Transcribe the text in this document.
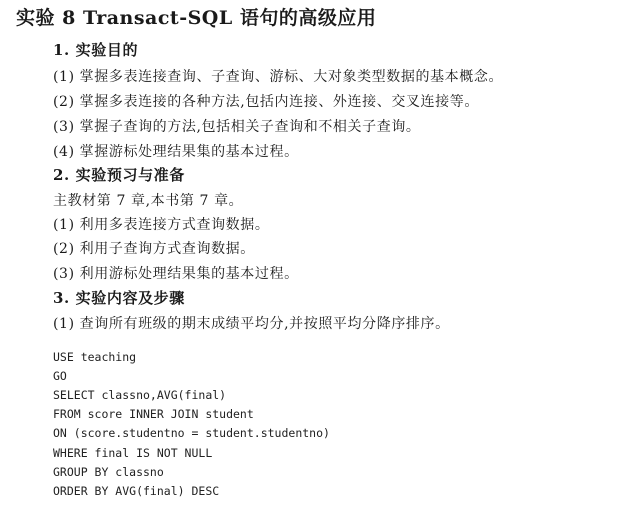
实验 8 Transact-SQL 语句的高级应用
1. 实验目的
(1) 掌握多表连接查询、子查询、游标、大对象类型数据的基本概念。
(2) 掌握多表连接的各种方法,包括内连接、外连接、交叉连接等。
(3) 掌握子查询的方法,包括相关子查询和不相关子查询。
(4) 掌握游标处理结果集的基本过程。
2. 实验预习与准备
主教材第 7 章,本书第 7 章。
(1) 利用多表连接方式查询数据。
(2) 利用子查询方式查询数据。
(3) 利用游标处理结果集的基本过程。
3. 实验内容及步骤
(1) 查询所有班级的期末成绩平均分,并按照平均分降序排序。
USE teaching
GO
SELECT classno,AVG(final)
FROM score INNER JOIN student
ON (score.studentno = student.studentno)
WHERE final IS NOT NULL
GROUP BY classno
ORDER BY AVG(final) DESC
